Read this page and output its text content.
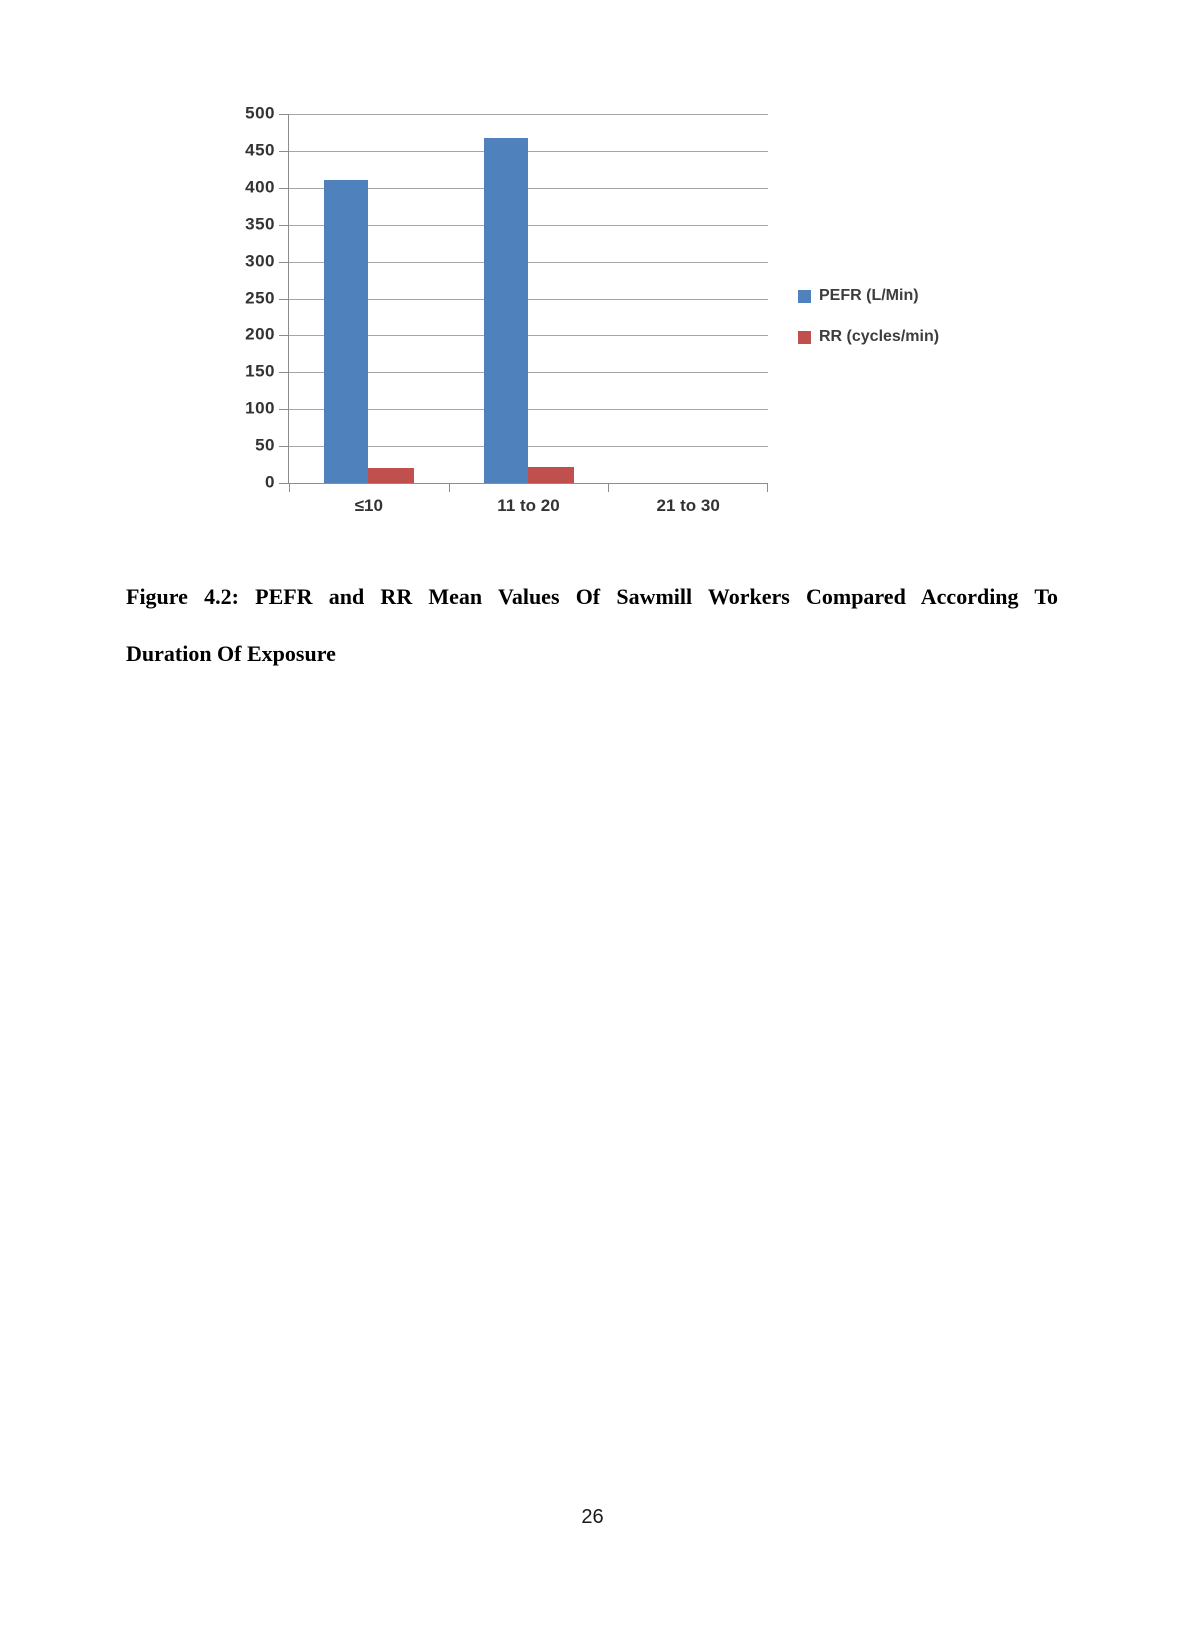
0
50
100
150
200
250
300
350
400
450
500
≤10	11 to 20	21 to 30
PEFR (L/Min)
RR (cycles/min)
Figure 4.2: PEFR and RR Mean Values Of Sawmill Workers Compared According To
Duration Of Exposure
26
